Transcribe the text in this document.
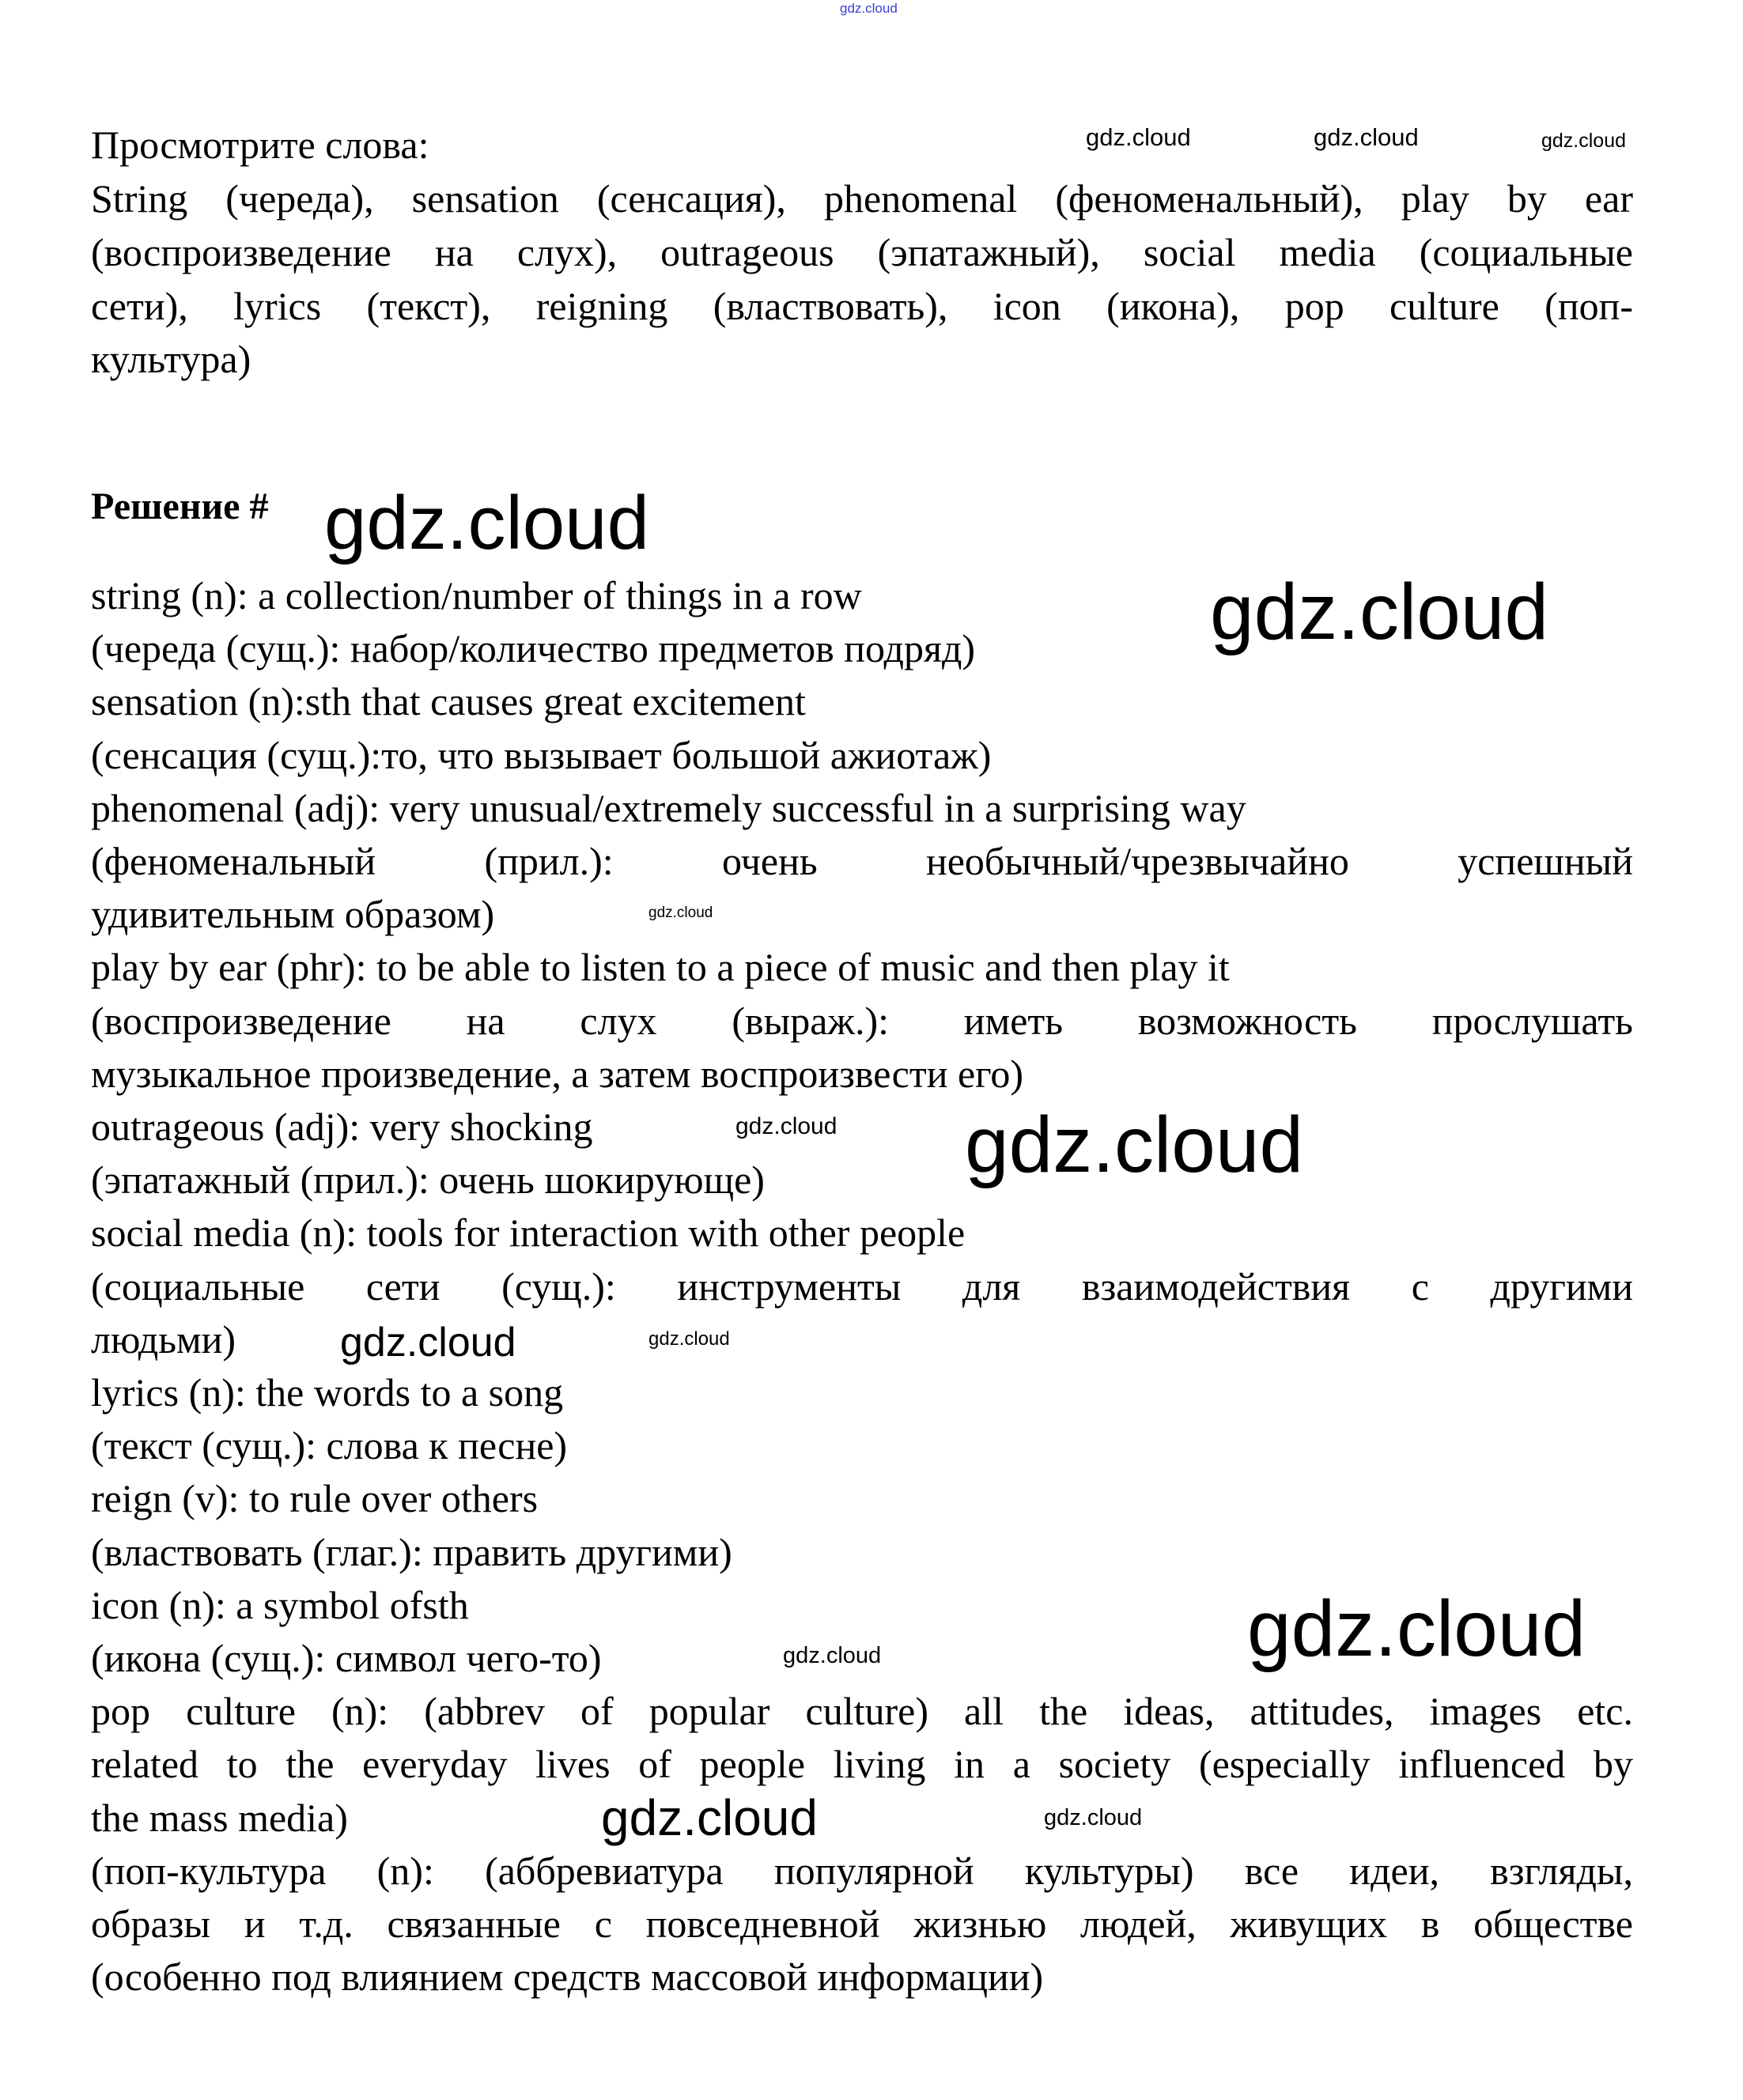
gdz.cloud
Просмотрите слова:
String (череда), sensation (сенсация), phenomenal (феноменальный), play by ear
(воспроизведение на слух), outrageous (эпатажный), social media (социальные
сети), lyrics (текст), reigning (властвовать), icon (икона), pop culture (поп-
культура)
Решение #
string (n): a collection/number of things in a row
(череда (сущ.): набор/количество предметов подряд)
sensation (n):sth that causes great excitement
(сенсация (сущ.):то, что вызывает большой ажиотаж)
phenomenal (adj): very unusual/extremely successful in a surprising way
(феноменальный (прил.): очень необычный/чрезвычайно успешный
удивительным образом)
play by ear (phr): to be able to listen to a piece of music and then play it
(воспроизведение на слух (выраж.): иметь возможность прослушать
музыкальное произведение, а затем воспроизвести его)
outrageous (adj): very shocking
(эпатажный (прил.): очень шокирующе)
social media (n): tools for interaction with other people
(социальные сети (сущ.): инструменты для взаимодействия с другими
людьми)
lyrics (n): the words to a song
(текст (сущ.): слова к песне)
reign (v): to rule over others
(властвовать (глаг.): править другими)
icon (n): a symbol ofsth
(икона (сущ.): символ чего-то)
pop culture (n): (abbrev of popular culture) all the ideas, attitudes, images etc.
related to the everyday lives of people living in a society (especially influenced by
the mass media)
(поп-культура (n): (аббревиатура популярной культуры) все идеи, взгляды,
образы и т.д. связанные с повседневной жизнью людей, живущих в обществе
(особенно под влиянием средств массовой информации)
gdz.cloud	gdz.cloud	gdz.cloud
gdz.cloud
gdz.cloud
gdz.cloud
gdz.cloud
gdz.cloud
gdz.cloud
gdz.cloud
gdz.cloud
gdz.cloud
gdz.cloud	gdz.cloud
